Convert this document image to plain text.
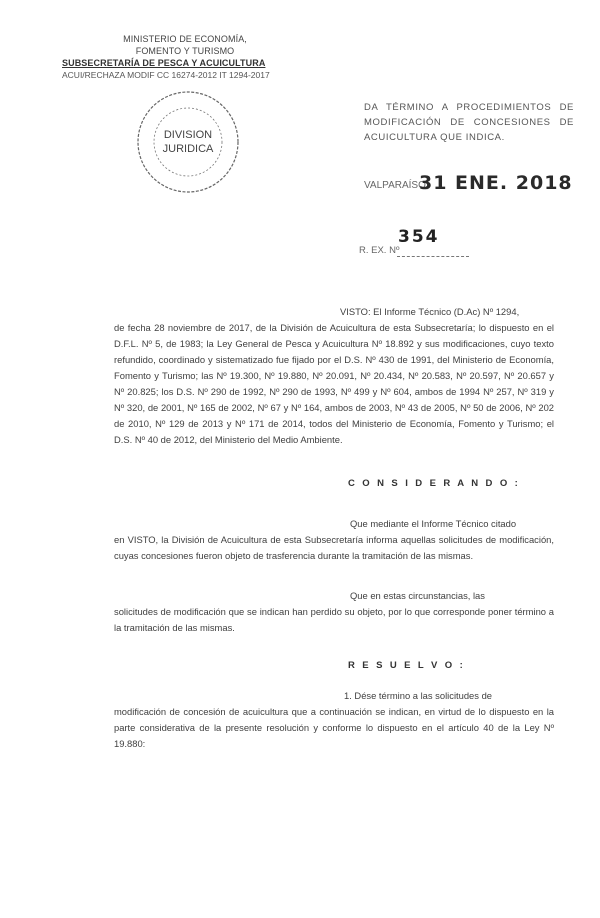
MINISTERIO DE ECONOMÍA,
FOMENTO Y TURISMO
SUBSECRETARÍA DE PESCA Y ACUICULTURA
ACUI/RECHAZA MODIF CC 16274-2012 IT 1294-2017
DIVISION
JURIDICA
DA TÉRMINO A PROCEDIMIENTOS DE MODIFICACIÓN DE CONCESIONES DE ACUICULTURA QUE INDICA.
VALPARAÍSO,
31 ENE. 2018
354
R. EX. Nº
VISTO: El Informe Técnico (D.Ac) Nº 1294,
de fecha 28 noviembre de 2017, de la División de Acuicultura de esta Subsecretaría; lo dispuesto en el D.F.L. Nº 5, de 1983; la Ley General de Pesca y Acuicultura Nº 18.892 y sus modificaciones, cuyo texto refundido, coordinado y sistematizado fue fijado por el D.S. Nº 430 de 1991, del Ministerio de Economía, Fomento y Turismo; las Nº 19.300, Nº 19.880, Nº 20.091, Nº 20.434, Nº 20.583, Nº 20.597, Nº 20.657 y Nº 20.825; los D.S. Nº 290 de 1992, Nº 290 de 1993, Nº 499 y Nº 604, ambos de 1994 Nº 257, Nº 319 y Nº 320, de 2001, Nº 165 de 2002, Nº 67 y Nº 164, ambos de 2003, Nº 43 de 2005, Nº 50 de 2006, Nº 202 de 2010, Nº 129 de 2013 y Nº 171 de 2014, todos del Ministerio de Economía, Fomento y Turismo; el D.S. Nº 40 de 2012, del Ministerio del Medio Ambiente.
C O N S I D E R A N D O :
Que mediante el Informe Técnico citado
en VISTO, la División de Acuicultura de esta Subsecretaría informa aquellas solicitudes de modificación, cuyas concesiones fueron objeto de trasferencia durante la tramitación de las mismas.
Que en estas circunstancias, las
solicitudes de modificación que se indican han perdido su objeto, por lo que corresponde poner término a la tramitación de las mismas.
R E S U E L V O :
1. Dése término a las solicitudes de
modificación de concesión de acuicultura que a continuación se indican, en virtud de lo dispuesto en la parte considerativa de la presente resolución y conforme lo dispuesto en el artículo 40 de la Ley Nº 19.880:
